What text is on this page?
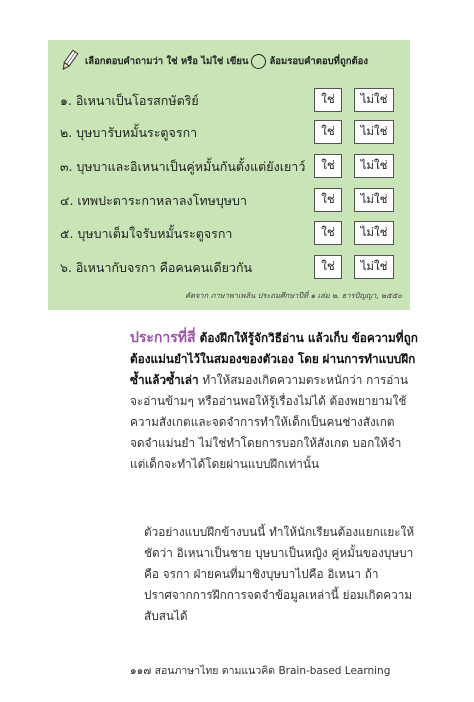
เลือกตอบคำถามว่า ใช่ หรือ ไม่ใช่ เขียน ล้อมรอบคำตอบที่ถูกต้อง
๑. อิเหนาเป็นโอรสกษัตริย์	ใช่	ไม่ใช่
๒. บุษบารับหมั้นระตูจรกา	ใช่	ไม่ใช่
๓. บุษบาและอิเหนาเป็นคู่หมั้นกันตั้งแต่ยังเยาว์	ใช่	ไม่ใช่
๔. เทพปะตาระกาหลาลงโทษบุษบา	ใช่	ไม่ใช่
๕. บุษบาเต็มใจรับหมั้นระตูจรกา	ใช่	ไม่ใช่
๖. อิเหนากับจรกา คือคนคนเดียวกัน	ใช่	ไม่ใช่
คัดจาก ภาษาพาเพลิน ประถมศึกษาปีที่ ๑ เล่ม ๒. ธารปัญญา, ๒๕๕๐
ประการที่สี่ ต้องฝึกให้รู้จักวิธีอ่าน แล้วเก็บ ข้อความที่ถูกต้องแม่นยำไว้ในสมองของตัวเอง โดย ผ่านการทำแบบฝึกซ้ำแล้วซ้ำเล่า ทำให้สมองเกิดความตระหนักว่า การอ่านจะอ่านข้ามๆ หรืออ่านพอให้รู้เรื่องไม่ได้ ต้องพยายามใช้ความสังเกตและจดจำการทำให้เด็กเป็นคนช่างสังเกต จดจำแม่นยำ ไม่ใช่ทำโดยการบอกให้สังเกต บอกให้จำ แต่เด็กจะทำได้โดยผ่านแบบฝึกเท่านั้น
ตัวอย่างแบบฝึกข้างบนนี้ ทำให้นักเรียนต้องแยกแยะให้ชัดว่า อิเหนาเป็นชาย บุษบาเป็นหญิง คู่หมั้นของบุษบาคือ จรกา ฝ่ายคนที่มาชิงบุษบาไปคือ อิเหนา ถ้าปราศจากการฝึกการจดจำข้อมูลเหล่านี้ ย่อมเกิดความสับสนได้
๑๑๗ สอนภาษาไทย ตามแนวคิด Brain-based Learning
